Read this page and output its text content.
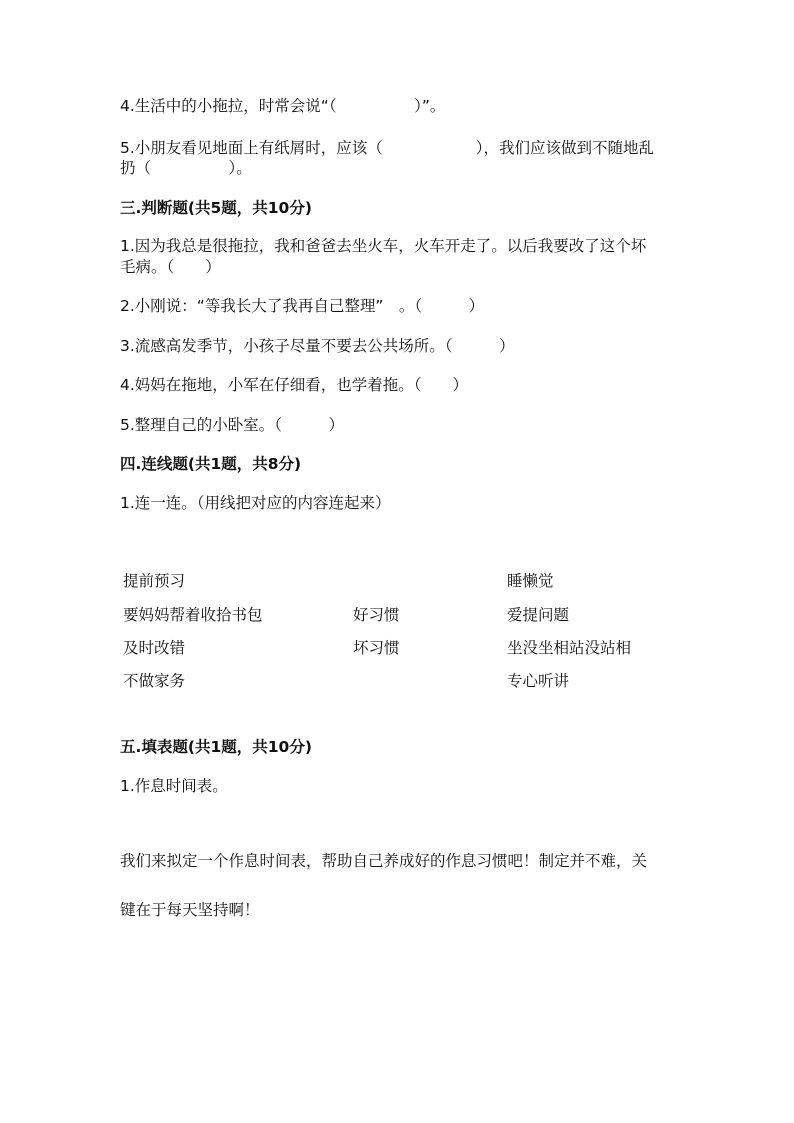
4.生活中的小拖拉，时常会说“（　　　　　）”。
5.小朋友看见地面上有纸屑时，应该（　　　　　　），我们应该做到不随地乱
扔（　　　　　）。
三.判断题(共5题，共10分)
1.因为我总是很拖拉，我和爸爸去坐火车，火车开走了。以后我要改了这个坏
毛病。（　　）
2.小刚说：“等我长大了我再自己整理”　。（　　　）
3.流感高发季节，小孩子尽量不要去公共场所。（　　　）
4.妈妈在拖地，小军在仔细看，也学着拖。（　　）
5.整理自己的小卧室。（　　　）
四.连线题(共1题，共8分)
1.连一连。（用线把对应的内容连起来）
提前预习
要妈妈帮着收拾书包
及时改错
不做家务
好习惯
坏习惯
睡懒觉
爱提问题
坐没坐相站没站相
专心听讲
五.填表题(共1题，共10分)
1.作息时间表。
我们来拟定一个作息时间表，帮助自己养成好的作息习惯吧！制定并不难，关
键在于每天坚持啊！
